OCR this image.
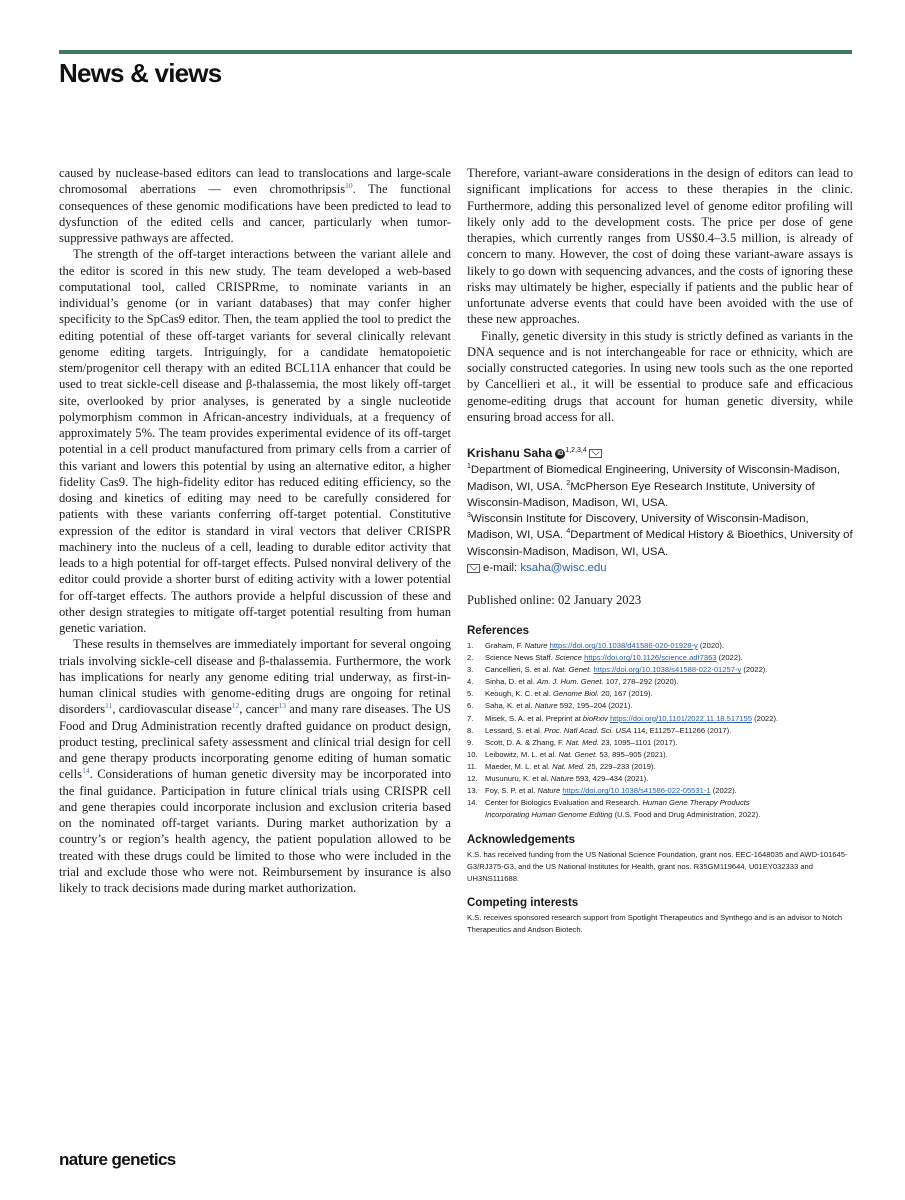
News & views

caused by nuclease-based editors can lead to translocations and large-scale chromosomal aberrations — even chromothripsis$^{10}$. The functional consequences of these genomic modifications have been predicted to lead to dysfunction of the edited cells and cancer, particularly when tumor-suppressive pathways are affected.

The strength of the off-target interactions between the variant allele and the editor is scored in this new study. The team developed a web-based computational tool, called CRISPRme, to nominate variants in an individual’s genome (or in variant databases) that may confer higher specificity to the SpCas9 editor. Then, the team applied the tool to predict the editing potential of these off-target variants for several clinically relevant genome editing targets. Intriguingly, for a candidate hematopoietic stem/progenitor cell therapy with an edited BCL11A enhancer that could be used to treat sickle-cell disease and β-thalassemia, the most likely off-target site, overlooked by prior analyses, is generated by a single nucleotide polymorphism common in African-ancestry individuals, at a frequency of approximately 5%. The team provides experimental evidence of its off-target potential in a cell product manufactured from primary cells from a carrier of this variant and lowers this potential by using an alternative editor, a higher fidelity Cas9. The high-fidelity editor has reduced editing efficiency, so the dosing and kinetics of editing may need to be carefully considered for patients with these variants conferring off-target potential. Constitutive expression of the editor is standard in viral vectors that deliver CRISPR machinery into the nucleus of a cell, leading to durable editor activity that leads to a high potential for off-target effects. Pulsed nonviral delivery of the editor could provide a shorter burst of editing activity with a lower potential for off-target effects. The authors provide a helpful discussion of these and other design strategies to mitigate off-target potential resulting from human genetic variation.

These results in themselves are immediately important for several ongoing trials involving sickle-cell disease and β-thalassemia. Furthermore, the work has implications for nearly any genome editing trial underway, as first-in-human clinical studies with genome-editing drugs are ongoing for retinal disorders$^{11}$, cardiovascular disease$^{12}$, cancer$^{13}$ and many rare diseases. The US Food and Drug Administration recently drafted guidance on product design, product testing, preclinical safety assessment and clinical trial design for cell and gene therapy products incorporating genome editing of human somatic cells$^{14}$. Considerations of human genetic diversity may be incorporated into the final guidance. Participation in future clinical trials using CRISPR cell and gene therapies could incorporate inclusion and exclusion criteria based on the nominated off-target variants. During market authorization by a country’s or region’s health agency, the patient population allowed to be treated with these drugs could be limited to those who were included in the trial and exclude those who were not. Reimbursement by insurance is also likely to track decisions made during market authorization.

Therefore, variant-aware considerations in the design of editors can lead to significant implications for access to these therapies in the clinic. Furthermore, adding this personalized level of genome editor profiling will likely only add to the development costs. The price per dose of gene therapies, which currently ranges from US$0.4–3.5 million, is already of concern to many. However, the cost of doing these variant-aware assays is likely to go down with sequencing advances, and the costs of ignoring these risks may ultimately be higher, especially if patients and the public hear of unfortunate adverse events that could have been avoided with the use of these new approaches.

Finally, genetic diversity in this study is strictly defined as variants in the DNA sequence and is not interchangeable for race or ethnicity, which are socially constructed categories. In using new tools such as the one reported by Cancellieri et al., it will be essential to produce safe and efficacious genome-editing drugs that account for human genetic diversity, while ensuring broad access for all.

Krishanu Saha iD $^{1,2,3,4}$
$^1$Department of Biomedical Engineering, University of Wisconsin-Madison, Madison, WI, USA. $^2$McPherson Eye Research Institute, University of Wisconsin-Madison, Madison, WI, USA.
$^3$Wisconsin Institute for Discovery, University of Wisconsin-Madison, Madison, WI, USA. $^4$Department of Medical History & Bioethics, University of Wisconsin-Madison, Madison, WI, USA.
e-mail: ksaha@wisc.edu
Published online: 02 January 2023
References
1.	Graham, F. Nature https://doi.org/10.1038/d41586-020-01928-y (2020).
2.	Science News Staff. Science https://doi.org/10.1126/science.adf7363 (2022).
3.	Cancellieri, S. et al. Nat. Genet. https://doi.org/10.1038/s41588-022-01257-y (2022).
4.	Sinha, D. et al. Am. J. Hum. Genet. 107, 278–292 (2020).
5.	Keough, K. C. et al. Genome Biol. 20, 167 (2019).
6.	Saha, K. et al. Nature 592, 195–204 (2021).
7.	Misek, S. A. et al. Preprint at bioRxiv https://doi.org/10.1101/2022.11.18.517155 (2022).
8.	Lessard, S. et al. Proc. Natl Acad. Sci. USA 114, E11257–E11266 (2017).
9.	Scott, D. A. & Zhang, F. Nat. Med. 23, 1095–1101 (2017).
10. Leibowitz, M. L. et al. Nat. Genet. 53, 895–905 (2021).
11.	Maeder, M. L. et al. Nat. Med. 25, 229–233 (2019).
12. Musunuru, K. et al. Nature 593, 429–434 (2021).
13. Foy, S. P. et al. Nature https://doi.org/10.1038/s41586-022-05531-1 (2022).
14. Center for Biologics Evaluation and Research. Human Gene Therapy Products
Incorporating Human Genome Editing (U.S. Food and Drug Administration, 2022).
Acknowledgements
K.S. has received funding from the US National Science Foundation, grant nos. EEC-1648035 and AWD-101645-G3/RJ375-G3, and the US National Institutes for Health, grant nos. R35GM119644, U01EY032333 and UH3NS111688.
Competing interests
K.S. receives sponsored research support from Spotlight Therapeutics and Synthego and is an advisor to Notch Therapeutics and Andson Biotech.
nature genetics
